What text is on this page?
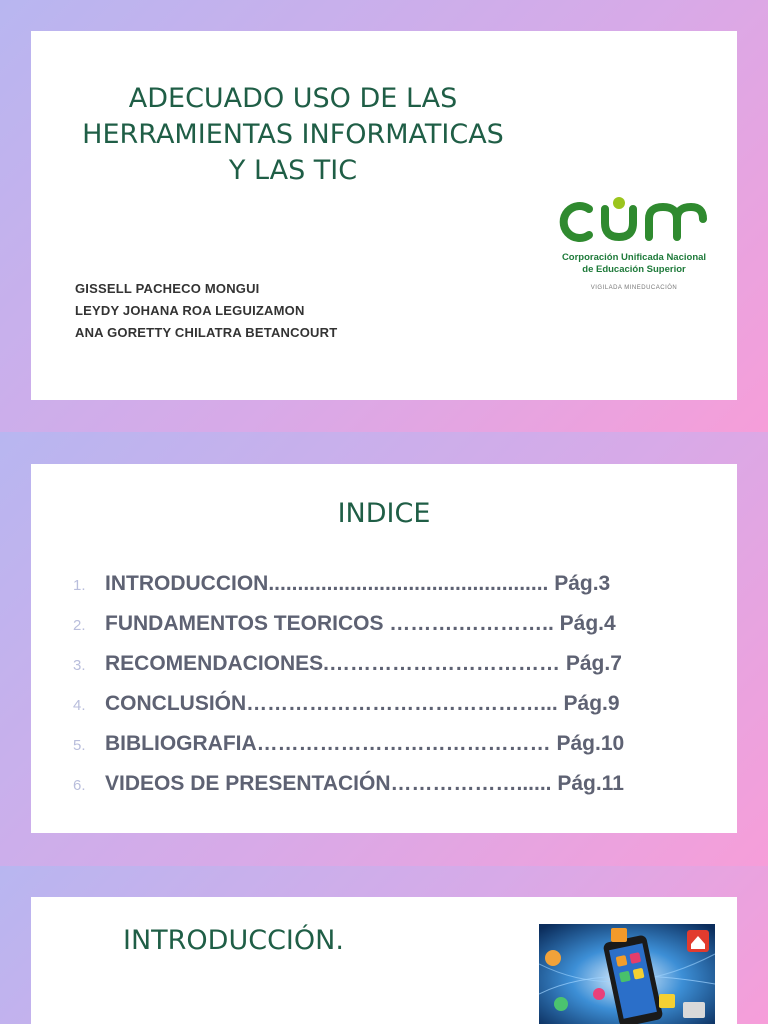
ADECUADO USO DE LAS
HERRAMIENTAS INFORMATICAS
Y LAS TIC
GISSELL PACHECO MONGUI
LEYDY JOHANA ROA LEGUIZAMON
ANA GORETTY CHILATRA BETANCOURT
Corporación Unificada Nacional
de Educación Superior
VIGILADA MINEDUCACIÓN
INDICE
1. INTRODUCCION................................................ Pág.3
2. FUNDAMENTOS TEORICOS ……….………….. Pág.4
3. RECOMENDACIONES.…………………………… Pág.7
4. CONCLUSIÓN……………………………………... Pág.9
5. BIBLIOGRAFIA…………………………………… Pág.10
6. VIDEOS DE PRESENTACIÓN………………...... Pág.11
INTRODUCCIÓN.
